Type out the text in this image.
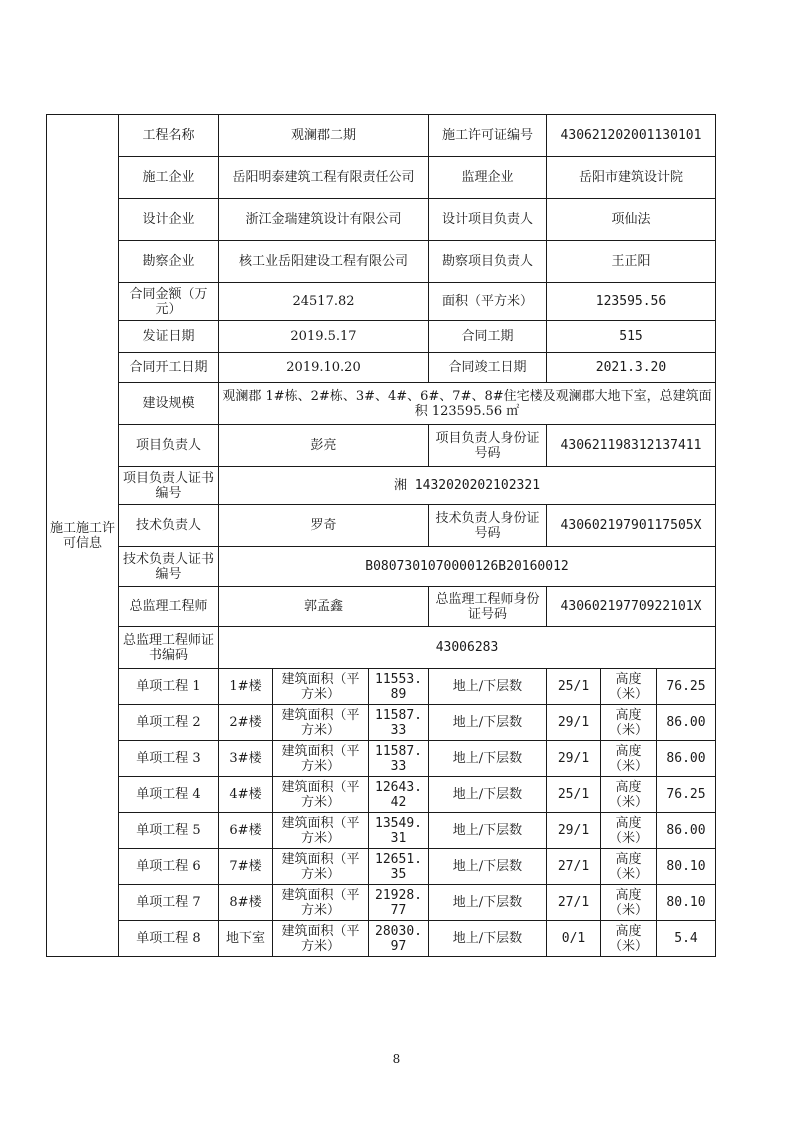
施工施工许可信息	工程名称	观澜郡二期			施工许可证编号	430621202001130101		
	施工企业	岳阳明泰建筑工程有限责任公司			监理企业	岳阳市建筑设计院		
	设计企业	浙江金瑞建筑设计有限公司			设计项目负责人	项仙法		
	勘察企业	核工业岳阳建设工程有限公司			勘察项目负责人	王正阳		
	合同金额（万元）	24517.82			面积（平方米）	123595.56		
	发证日期	2019.5.17			合同工期	515		
	合同开工日期	2019.10.20			合同竣工日期	2021.3.20		
	建设规模	观澜郡 1#栋、2#栋、3#、4#、6#、7#、8#住宅楼及观澜郡大地下室，总建筑面积 123595.56 ㎡						
	项目负责人	彭亮			项目负责人身份证号码	430621198312137411		
	项目负责人证书编号	湘 1432020202102321						
	技术负责人	罗奇			技术负责人身份证号码	43060219790117505X		
	技术负责人证书编号	B0807301070000126B20160012						
	总监理工程师	郭孟鑫			总监理工程师身份证号码	43060219770922101X		
	总监理工程师证书编码	43006283						
	单项工程 1	1#楼	建筑面积（平方米）	11553.89	地上/下层数	25/1	高度（米）	76.25
	单项工程 2	2#楼	建筑面积（平方米）	11587.33	地上/下层数	29/1	高度（米）	86.00
	单项工程 3	3#楼	建筑面积（平方米）	11587.33	地上/下层数	29/1	高度（米）	86.00
	单项工程 4	4#楼	建筑面积（平方米）	12643.42	地上/下层数	25/1	高度（米）	76.25
	单项工程 5	6#楼	建筑面积（平方米）	13549.31	地上/下层数	29/1	高度（米）	86.00
	单项工程 6	7#楼	建筑面积（平方米）	12651.35	地上/下层数	27/1	高度（米）	80.10
	单项工程 7	8#楼	建筑面积（平方米）	21928.77	地上/下层数	27/1	高度（米）	80.10
	单项工程 8	地下室	建筑面积（平方米）	28030.97	地上/下层数	0/1	高度（米）	5.4
8
